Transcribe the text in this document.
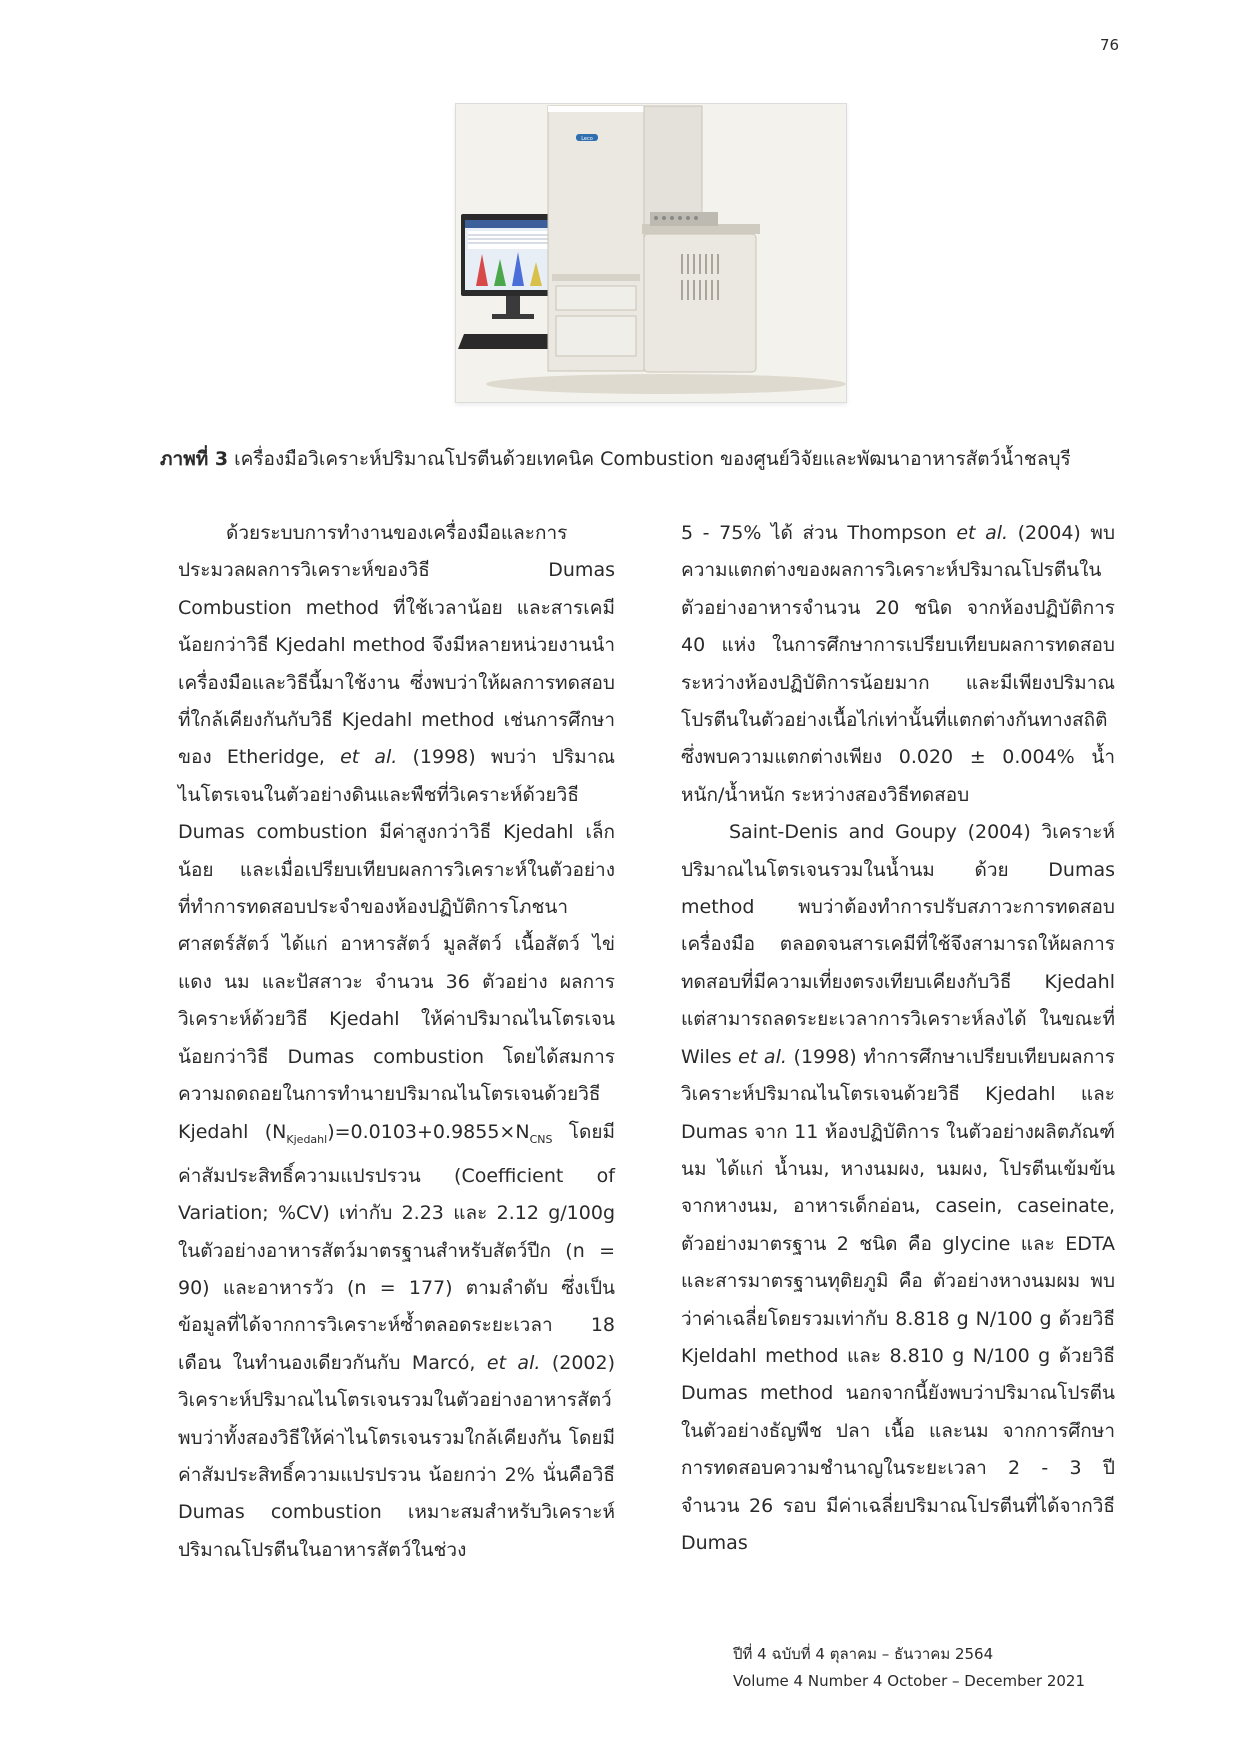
76
Leco
ภาพที่ 3 เครื่องมือวิเคราะห์ปริมาณโปรตีนด้วยเทคนิค Combustion ของศูนย์วิจัยและพัฒนาอาหารสัตว์น้ำชลบุรี

ด้วยระบบการทำงานของเครื่องมือและการประมวลผลการวิเคราะห์ของวิธี Dumas Combustion method ที่ใช้เวลาน้อย และสารเคมีน้อยกว่าวิธี Kjedahl method จึงมีหลายหน่วยงานนำเครื่องมือและวิธีนี้มาใช้งาน ซึ่งพบว่าให้ผลการทดสอบที่ใกล้เคียงกันกับวิธี Kjedahl method เช่นการศึกษาของ Etheridge, et al. (1998) พบว่า ปริมาณไนโตรเจนในตัวอย่างดินและพืชที่วิเคราะห์ด้วยวิธี Dumas combustion มีค่าสูงกว่าวิธี Kjedahl เล็กน้อย และเมื่อเปรียบเทียบผลการวิเคราะห์ในตัวอย่างที่ทำการทดสอบประจำของห้องปฏิบัติการโภชนาศาสตร์สัตว์ ได้แก่ อาหารสัตว์ มูลสัตว์ เนื้อสัตว์ ไข่แดง นม และปัสสาวะ จำนวน 36 ตัวอย่าง ผลการวิเคราะห์ด้วยวิธี Kjedahl ให้ค่าปริมาณไนโตรเจนน้อยกว่าวิธี Dumas combustion โดยได้สมการความถดถอยในการทำนายปริมาณไนโตรเจนด้วยวิธี Kjedahl $(N_{Kjedahl})=0.0103+0.9855\times N_{CNS}$ โดยมีค่าสัมประสิทธิ์ความแปรปรวน (Coefficient of Variation; %CV) เท่ากับ 2.23 และ 2.12 g/100g ในตัวอย่างอาหารสัตว์มาตรฐานสำหรับสัตว์ปีก (n = 90) และอาหารวัว (n = 177) ตามลำดับ ซึ่งเป็นข้อมูลที่ได้จากการวิเคราะห์ซ้ำตลอดระยะเวลา 18 เดือน ในทำนองเดียวกันกับ Marcó, et al. (2002) วิเคราะห์ปริมาณไนโตรเจนรวมในตัวอย่างอาหารสัตว์ พบว่าทั้งสองวิธีให้ค่าไนโตรเจนรวมใกล้เคียงกัน โดยมีค่าสัมประสิทธิ์ความแปรปรวน น้อยกว่า 2% นั่นคือวิธี Dumas combustion เหมาะสมสำหรับวิเคราะห์ปริมาณโปรตีนในอาหารสัตว์ในช่วง

5 - 75% ได้ ส่วน Thompson et al. (2004) พบความแตกต่างของผลการวิเคราะห์ปริมาณโปรตีนในตัวอย่างอาหารจำนวน 20 ชนิด จากห้องปฏิบัติการ 40 แห่ง ในการศึกษาการเปรียบเทียบผลการทดสอบระหว่างห้องปฏิบัติการน้อยมาก และมีเพียงปริมาณโปรตีนในตัวอย่างเนื้อไก่เท่านั้นที่แตกต่างกันทางสถิติ ซึ่งพบความแตกต่างเพียง 0.020 ± 0.004% น้ำหนัก/น้ำหนัก ระหว่างสองวิธีทดสอบ

Saint-Denis and Goupy (2004) วิเคราะห์ปริมาณไนโตรเจนรวมในน้ำนม ด้วย Dumas method พบว่าต้องทำการปรับสภาวะการทดสอบเครื่องมือ ตลอดจนสารเคมีที่ใช้จึงสามารถให้ผลการทดสอบที่มีความเที่ยงตรงเทียบเคียงกับวิธี Kjedahl แต่สามารถลดระยะเวลาการวิเคราะห์ลงได้ ในขณะที่ Wiles et al. (1998) ทำการศึกษาเปรียบเทียบผลการวิเคราะห์ปริมาณไนโตรเจนด้วยวิธี Kjedahl และ Dumas จาก 11 ห้องปฏิบัติการ ในตัวอย่างผลิตภัณฑ์นม ได้แก่ น้ำนม, หางนมผง, นมผง, โปรตีนเข้มข้นจากหางนม, อาหารเด็กอ่อน, casein, caseinate, ตัวอย่างมาตรฐาน 2 ชนิด คือ glycine และ EDTA และสารมาตรฐานทุติยภูมิ คือ ตัวอย่างหางนมผม พบว่าค่าเฉลี่ยโดยรวมเท่ากับ 8.818 g N/100 g ด้วยวิธี Kjeldahl method และ 8.810 g N/100 g ด้วยวิธี Dumas method นอกจากนี้ยังพบว่าปริมาณโปรตีนในตัวอย่างธัญพืช ปลา เนื้อ และนม จากการศึกษาการทดสอบความชำนาญในระยะเวลา 2 - 3 ปี จำนวน 26 รอบ มีค่าเฉลี่ยปริมาณโปรตีนที่ได้จากวิธี Dumas

ปีที่ 4 ฉบับที่ 4 ตุลาคม – ธันวาคม 2564
Volume 4 Number 4 October – December 2021
